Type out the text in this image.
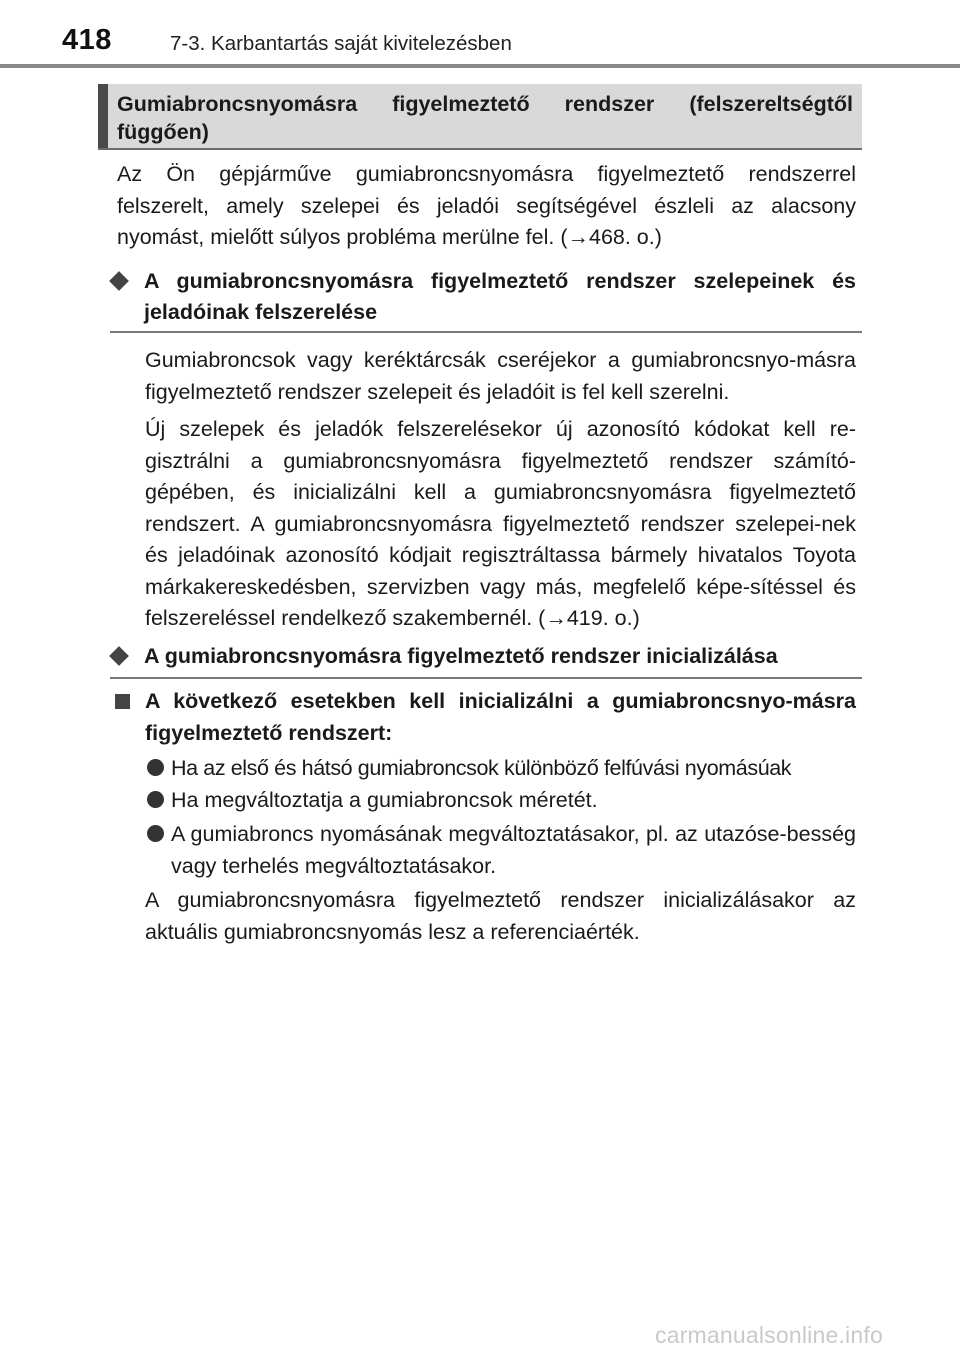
418	7-3. Karbantartás saját kivitelezésben
Gumiabroncsnyomásra figyelmeztető rendszer (felszereltségtől függően)

Az Ön gépjárműve gumiabroncsnyomásra figyelmeztető rendszerrel felszerelt, amely szelepei és jeladói segítségével észleli az alacsony nyomást, mielőtt súlyos probléma merülne fel. (→468. o.)

A gumiabroncsnyomásra figyelmeztető rendszer szelepeinek és jeladóinak felszerelése

Gumiabroncsok vagy keréktárcsák cseréjekor a gumiabroncsnyo-másra figyelmeztető rendszer szelepeit és jeladóit is fel kell szerelni.

Új szelepek és jeladók felszerelésekor új azonosító kódokat kell re-gisztrálni a gumiabroncsnyomásra figyelmeztető rendszer számító-gépében, és inicializálni kell a gumiabroncsnyomásra figyelmeztető rendszert. A gumiabroncsnyomásra figyelmeztető rendszer szelepei-nek és jeladóinak azonosító kódjait regisztráltassa bármely hivatalos Toyota márkakereskedésben, szervizben vagy más, megfelelő képe-sítéssel és felszereléssel rendelkező szakembernél. (→419. o.)

A gumiabroncsnyomásra figyelmeztető rendszer inicializálása
A következő esetekben kell inicializálni a gumiabroncsnyo-másra figyelmeztető rendszert:
Ha az első és hátsó gumiabroncsok különböző felfúvási nyomásúak
Ha megváltoztatja a gumiabroncsok méretét.
A gumiabroncs nyomásának megváltoztatásakor, pl. az utazóse-besség vagy terhelés megváltoztatásakor.

A gumiabroncsnyomásra figyelmeztető rendszer inicializálásakor az aktuális gumiabroncsnyomás lesz a referenciaérték.

carmanualsonline.info
